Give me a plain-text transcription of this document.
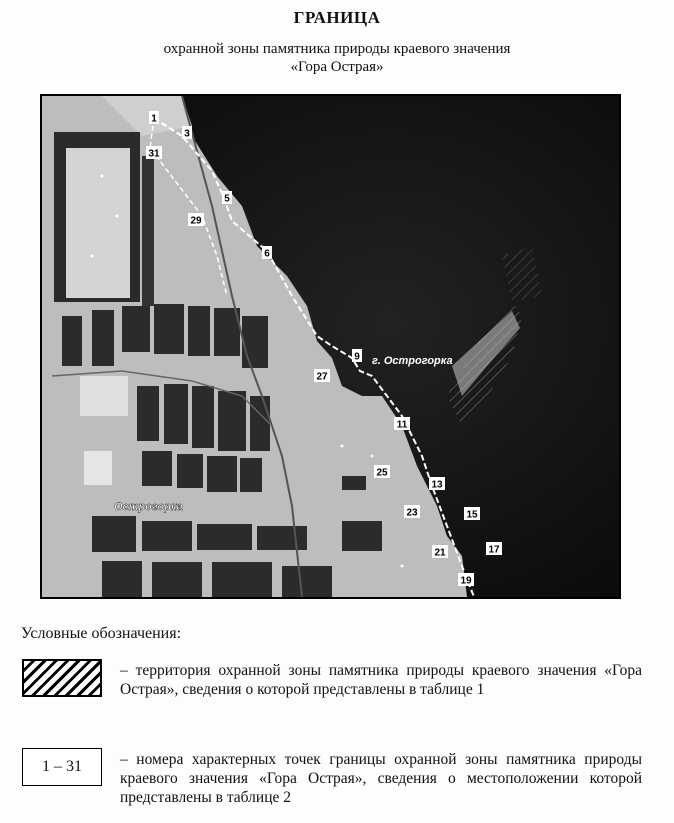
ГРАНИЦА
охранной зоны памятника природы краевого значения
«Гора Острая»
г. Острогорка
Острогорка
1
3
5
6
9
11
13
15
17
19
21
23
25
27
29
31
Условные обозначения:
– территория охранной зоны памятника природы краевого значения «Гора Острая», сведения о которой представлены в таблице 1
1 – 31	– номера характерных точек границы охранной зоны памятника природы краевого значения «Гора Острая», сведения о местоположении которой представлены в таблице 2
